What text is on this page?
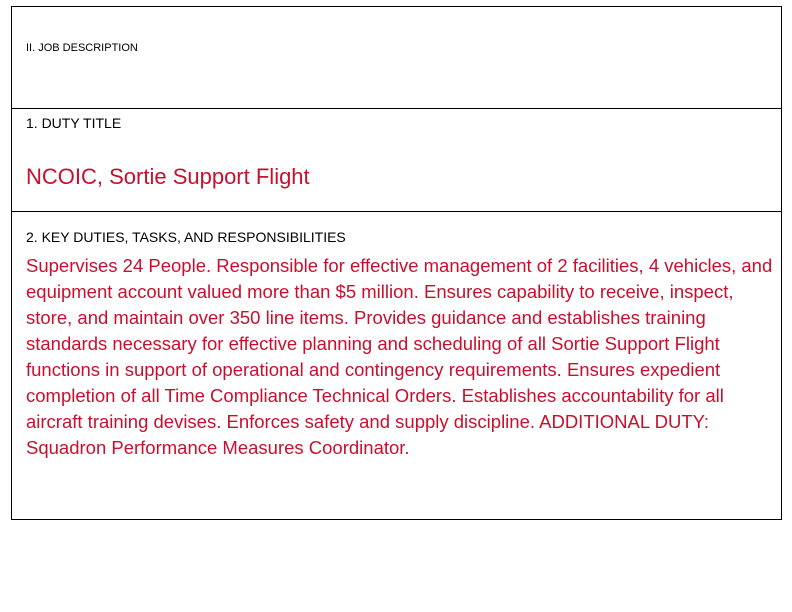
II. JOB DESCRIPTION
1. DUTY TITLE
NCOIC, Sortie Support Flight
2. KEY DUTIES, TASKS, AND RESPONSIBILITIES

Supervises 24 People. Responsible for effective management of 2 facilities, 4 vehicles, and equipment account valued more than $5 million. Ensures capability to receive, inspect, store, and maintain over 350 line items. Provides guidance and establishes training standards necessary for effective planning and scheduling of all Sortie Support Flight functions in support of operational and contingency requirements. Ensures expedient completion of all Time Compliance Technical Orders. Establishes accountability for all aircraft training devises. Enforces safety and supply discipline. ADDITIONAL DUTY: Squadron Performance Measures Coordinator.
